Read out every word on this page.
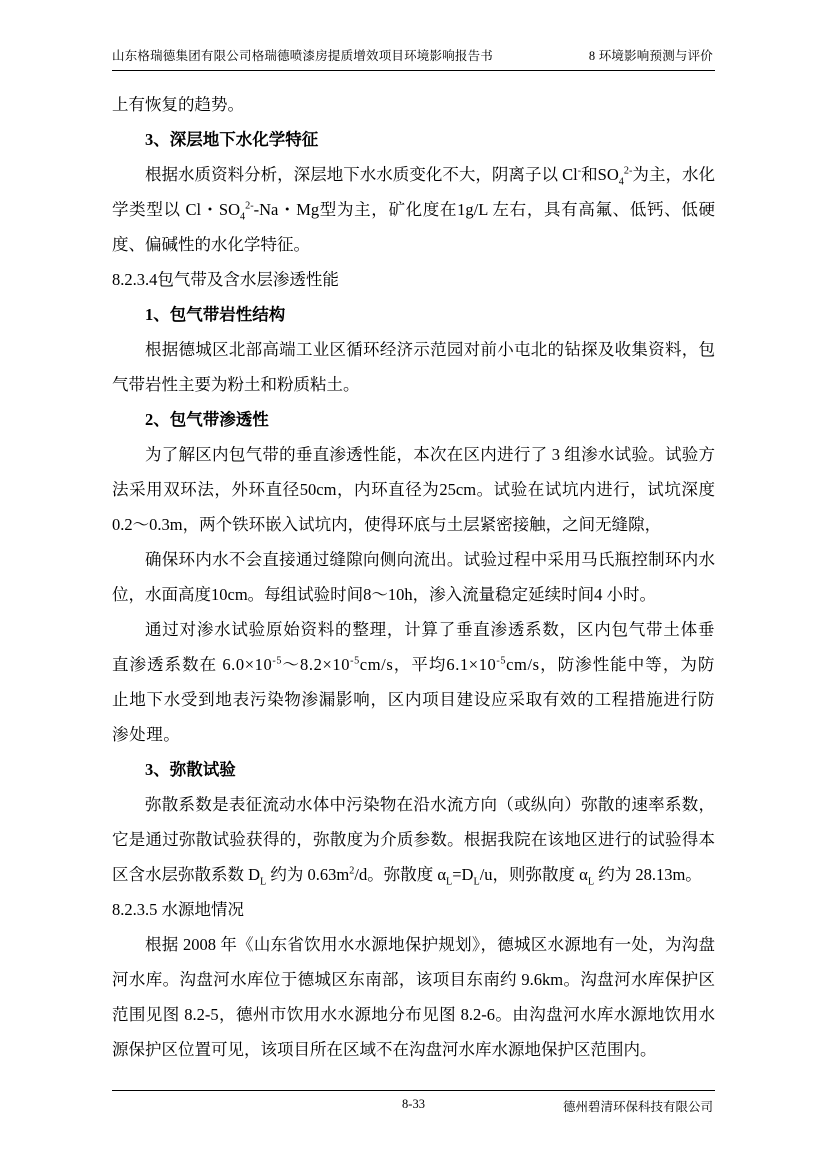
山东格瑞德集团有限公司格瑞德喷漆房提质增效项目环境影响报告书	8 环境影响预测与评价

上有恢复的趋势。

3、深层地下水化学特征

根据水质资料分析，深层地下水水质变化不大，阴离子以 Cl-和$SO_4^{2-}$为主，水化学类型以 Cl・$SO_4^{2-}-Na$・Mg型为主，矿化度在1g/L 左右，具有高氟、低钙、低硬度、偏碱性的水化学特征。

8.2.3.4包气带及含水层渗透性能

1、包气带岩性结构

根据德城区北部高端工业区循环经济示范园对前小屯北的钻探及收集资料，包气带岩性主要为粉土和粉质粘土。

2、包气带渗透性

为了解区内包气带的垂直渗透性能，本次在区内进行了 3 组渗水试验。试验方法采用双环法，外环直径50cm，内环直径为25cm。试验在试坑内进行，试坑深度0.2～0.3m，两个铁环嵌入试坑内，使得环底与土层紧密接触，之间无缝隙，

确保环内水不会直接通过缝隙向侧向流出。试验过程中采用马氏瓶控制环内水位，水面高度10cm。每组试验时间8～10h，渗入流量稳定延续时间4 小时。

通过对渗水试验原始资料的整理，计算了垂直渗透系数，区内包气带土体垂直渗透系数在 $6.0\times 10^{-5}\sim 8.2\times 10^{-5}cm/s$，平均$6.1\times 10^{-5}cm/s$，防渗性能中等，为防止地下水受到地表污染物渗漏影响，区内项目建设应采取有效的工程措施进行防渗处理。

3、弥散试验

弥散系数是表征流动水体中污染物在沿水流方向（或纵向）弥散的速率系数，它是通过弥散试验获得的，弥散度为介质参数。根据我院在该地区进行的试验得本区含水层弥散系数 $D_L$ 约为 $0.63m^2/d$。弥散度 $\alpha_L=D_L/u$，则弥散度 $\alpha_L$ 约为 28.13m。

8.2.3.5 水源地情况

根据 2008 年《山东省饮用水水源地保护规划》，德城区水源地有一处，为沟盘河水库。沟盘河水库位于德城区东南部，该项目东南约 9.6km。沟盘河水库保护区范围见图 8.2-5，德州市饮用水水源地分布见图 8.2-6。由沟盘河水库水源地饮用水源保护区位置可见，该项目所在区域不在沟盘河水库水源地保护区范围内。

8-33	德州碧清环保科技有限公司
